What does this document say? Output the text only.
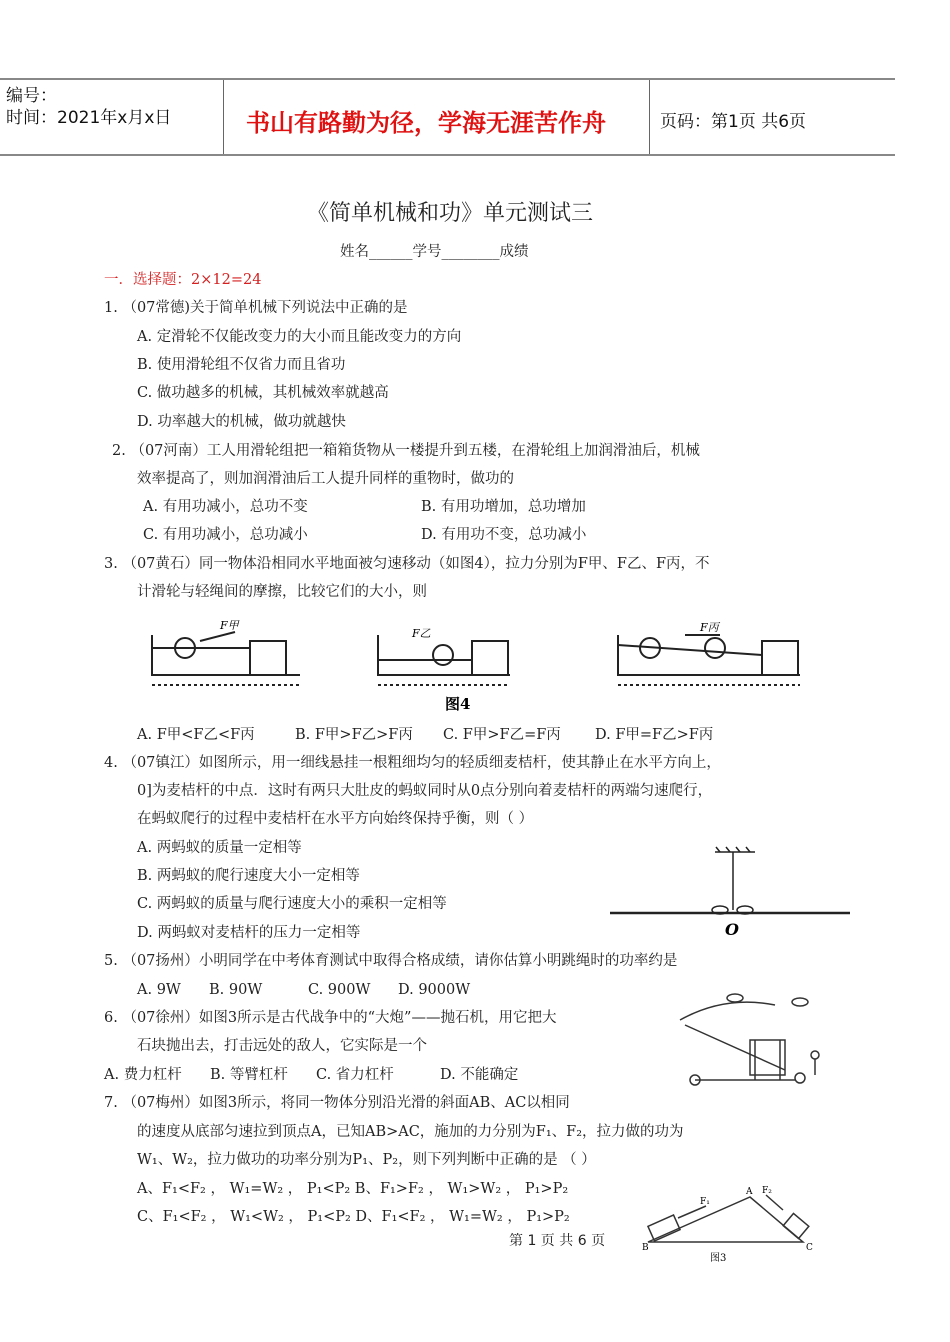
编号：
时间：2021年x月x日	书山有路勤为径，学海无涯苦作舟	页码：第1页 共6页
《简单机械和功》单元测试三
姓名______学号________成绩
一．选择题：2×12=24
1. （07常德)关于简单机械下列说法中正确的是
A. 定滑轮不仅能改变力的大小而且能改变力的方向
B. 使用滑轮组不仅省力而且省功
C. 做功越多的机械，其机械效率就越高
D. 功率越大的机械，做功就越快
2. （07河南）工人用滑轮组把一箱箱货物从一楼提升到五楼，在滑轮组上加润滑油后，机械
效率提高了，则加润滑油后工人提升同样的重物时，做功的
A. 有用功减小，总功不变	B. 有用功增加，总功增加
C. 有用功减小，总功减小	D. 有用功不变，总功减小
3. （07黄石）同一物体沿相同水平地面被匀速移动（如图4），拉力分别为F甲、F乙、F丙，不
计滑轮与轻绳间的摩擦，比较它们的大小，则
F甲
F乙	F丙
图4
A. F甲<F乙<F丙	B. F甲>F乙>F丙 C. F甲>F乙=F丙 D. F甲=F乙>F丙
4. （07镇江）如图所示，用一细线悬挂一根粗细均匀的轻质细麦桔杆，使其静止在水平方向上，
0]为麦桔杆的中点．这时有两只大肚皮的蚂蚁同时从0点分别向着麦桔杆的两端匀速爬行，
在蚂蚁爬行的过程中麦桔杆在水平方向始终保持乎衡，则（ ）
O
A. 两蚂蚁的质量一定相等
B. 两蚂蚁的爬行速度大小一定相等
C. 两蚂蚁的质量与爬行速度大小的乘积一定相等
D. 两蚂蚁对麦桔杆的压力一定相等
5. （07扬州）小明同学在中考体育测试中取得合格成绩，请你估算小明跳绳时的功率约是
A. 9W B. 90W	C. 900W D. 9000W
6. （07徐州）如图3所示是古代战争中的“大炮”——抛石机，用它把大
石块抛出去，打击远处的敌人，它实际是一个
A. 费力杠杆 B. 等臂杠杆 C. 省力杠杆	D. 不能确定
7. （07梅州）如图3所示，将同一物体分别沿光滑的斜面AB、AC以相同
的速度从底部匀速拉到顶点A，已知AB>AC，施加的力分别为F₁、F₂，拉力做的功为
W₁、W₂，拉力做功的功率分别为P₁、P₂，则下列判断中正确的是 （ ）
A、F₁<F₂ ， W₁=W₂ ， P₁<P₂ B、F₁>F₂ ， W₁>W₂ ， P₁>P₂
C、F₁<F₂ ， W₁<W₂ ， P₁<P₂ D、F₁<F₂ ， W₁=W₂ ， P₁>P₂
A
B	C
F₁
F₂
图3
第 1 页 共 6 页
